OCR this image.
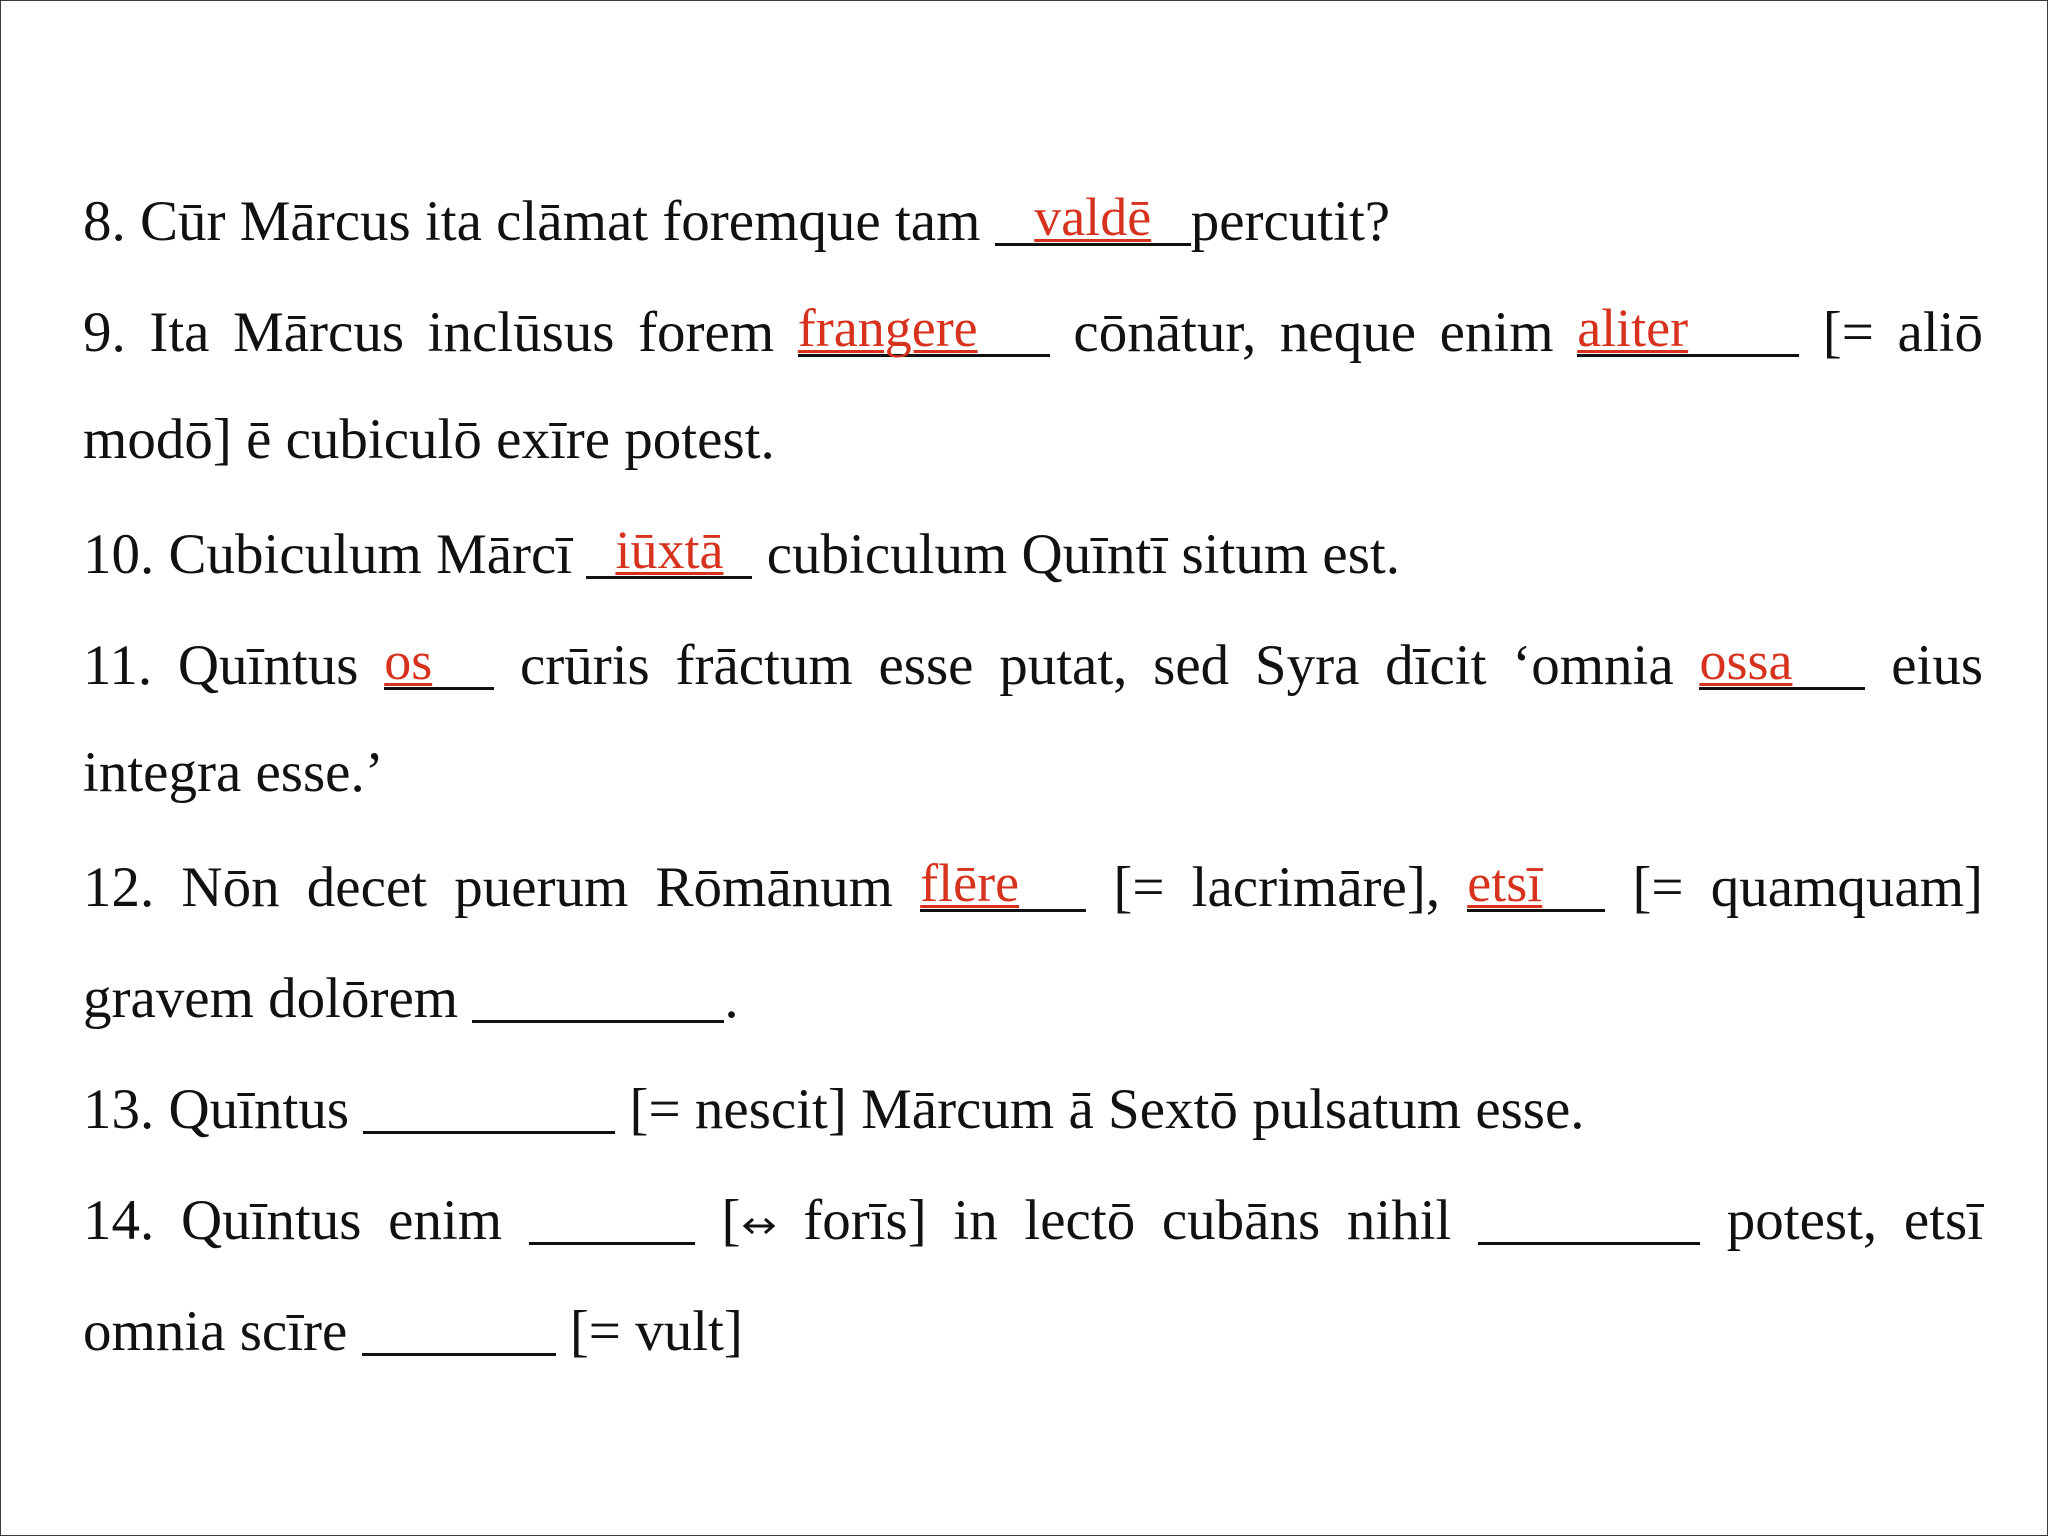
8. Cūr Mārcus ita clāmat foremque tam valdē percutit?
9. Ita Mārcus inclūsus forem frangere	cōnātur, neque enim aliter	[= aliō
modō] ē cubiculō exīre potest.
10. Cubiculum Mārcī iūxtā cubiculum Quīntī situm est.
11. Quīntus os	crūris frāctum esse putat, sed Syra dīcit ‘omnia ossa	eius
integra esse.’
12. Nōn decet puerum Rōmānum flēre	[= lacrimāre], etsī	[= quamquam]
gravem dolōrem	.
13. Quīntus	[= nescit] Mārcum ā Sextō pulsatum esse.
14. Quīntus enim	[ forīs] in lectō cubāns nihil	potest, etsī
omnia scīre	[= vult]
